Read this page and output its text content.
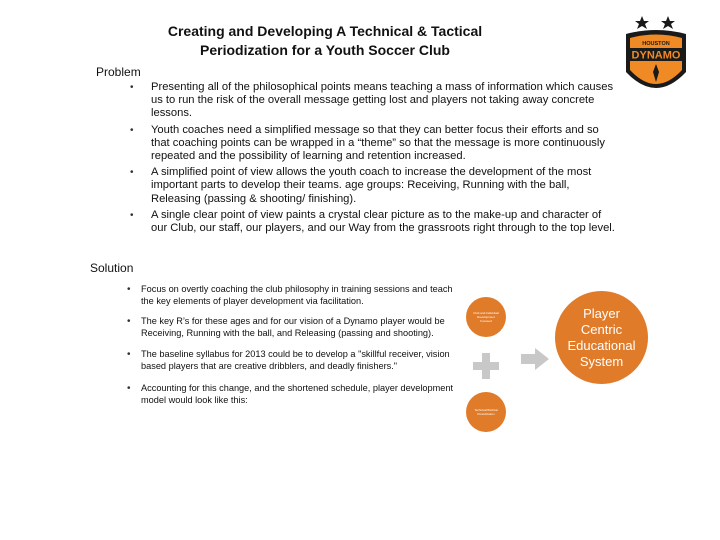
Creating and Developing A Technical & Tactical
Periodization for a Youth Soccer Club	HOUSTON
DYNAMO
Problem
• Presenting all of the philosophical points means teaching a mass of information which causes us to run the risk of the overall message getting lost and players not taking away concrete lessons.
• Youth coaches need a simplified message so that they can better focus their efforts and so that coaching points can be wrapped in a “theme” so that the message is more continuously repeated and the possibility of learning and retention increased.
• A simplified point of view allows the youth coach to increase the development of the most important parts to develop their teams. age groups: Receiving, Running with the ball, Releasing (passing & shooting/ finishing).
• A single clear point of view paints a crystal clear picture as to the make-up and character of our Club, our staff, our players, and our Way from the grassroots right through to the top level.
Solution
• Focus on overtly coaching the club philosophy in training sessions and teach the key elements of player development via facilitation.
• The key R’s for these ages and for our vision of a Dynamo player would be Receiving, Running with the ball, and Releasing (passing and shooting).
• The baseline syllabus for 2013 could be to develop a "skillful receiver, vision based players that are creative dribblers, and deadly finishers."
• Accounting for this change, and the shortened schedule, player development model would look like this:
Club and Individual Development Focused
Technical/Tactical Periodization
Player Centric Educational System
